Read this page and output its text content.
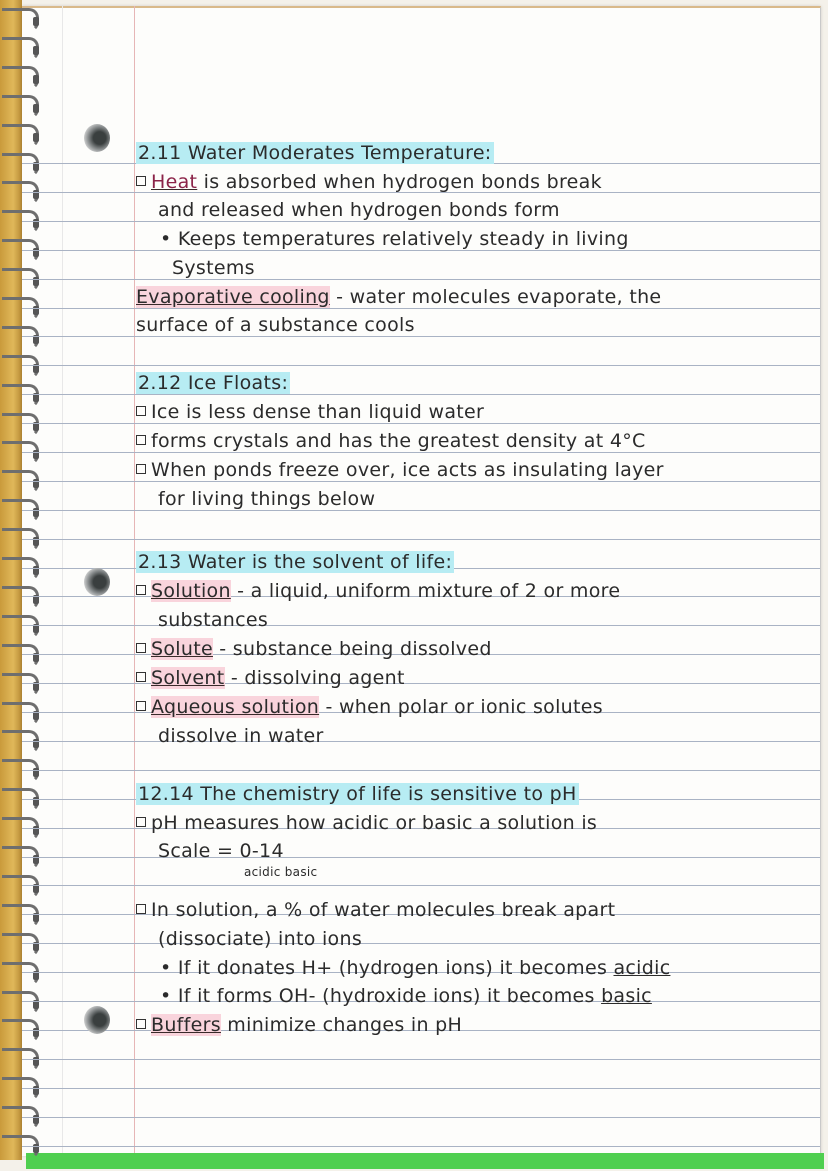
2.11 Water Moderates Temperature:
Heat is absorbed when hydrogen bonds break
and released when hydrogen bonds form
• Keeps temperatures relatively steady in living
Systems
Evaporative cooling - water molecules evaporate, the
surface of a substance cools
2.12 Ice Floats:
Ice is less dense than liquid water
forms crystals and has the greatest density at 4°C
When ponds freeze over, ice acts as insulating layer
for living things below
2.13 Water is the solvent of life:
Solution - a liquid, uniform mixture of 2 or more
substances
Solute - substance being dissolved
Solvent - dissolving agent
Aqueous solution - when polar or ionic solutes
dissolve in water
12.14 The chemistry of life is sensitive to pH
pH measures how acidic or basic a solution is
Scale = 0-14
acidic basic
In solution, a % of water molecules break apart
(dissociate) into ions
• If it donates H+ (hydrogen ions) it becomes acidic
• If it forms OH- (hydroxide ions) it becomes basic
Buffers minimize changes in pH
